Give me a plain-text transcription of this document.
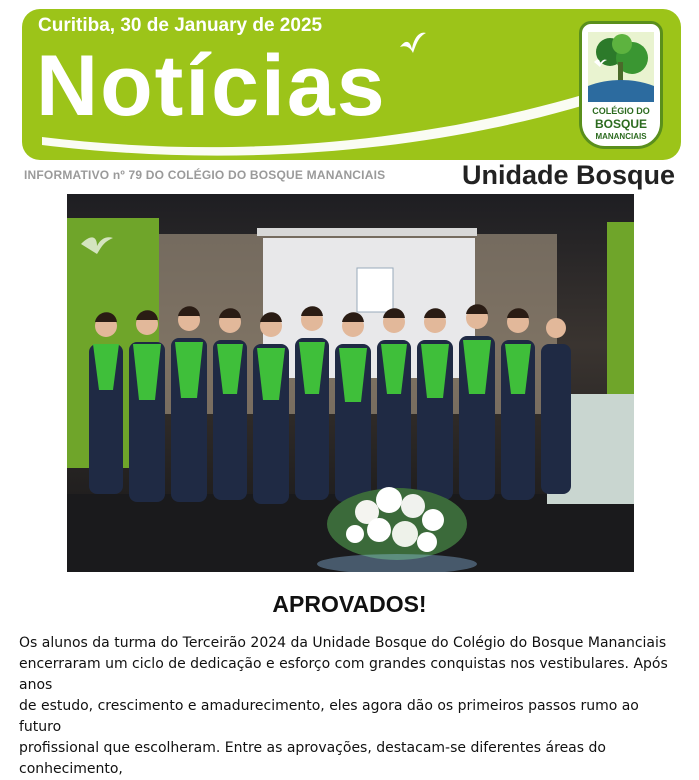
Curitiba, 30 de January de 2025
Notícias	COLÉGIO DO
BOSQUE
MANANCIAIS
INFORMATIVO nº 79 DO COLÉGIO DO BOSQUE MANANCIAIS	Unidade Bosque
APROVADOS!
Os alunos da turma do Terceirão 2024 da Unidade Bosque do Colégio do Bosque Mananciais
encerraram um ciclo de dedicação e esforço com grandes conquistas nos vestibulares. Após anos
de estudo, crescimento e amadurecimento, eles agora dão os primeiros passos rumo ao futuro
profissional que escolheram. Entre as aprovações, destacam-se diferentes áreas do conhecimento,
